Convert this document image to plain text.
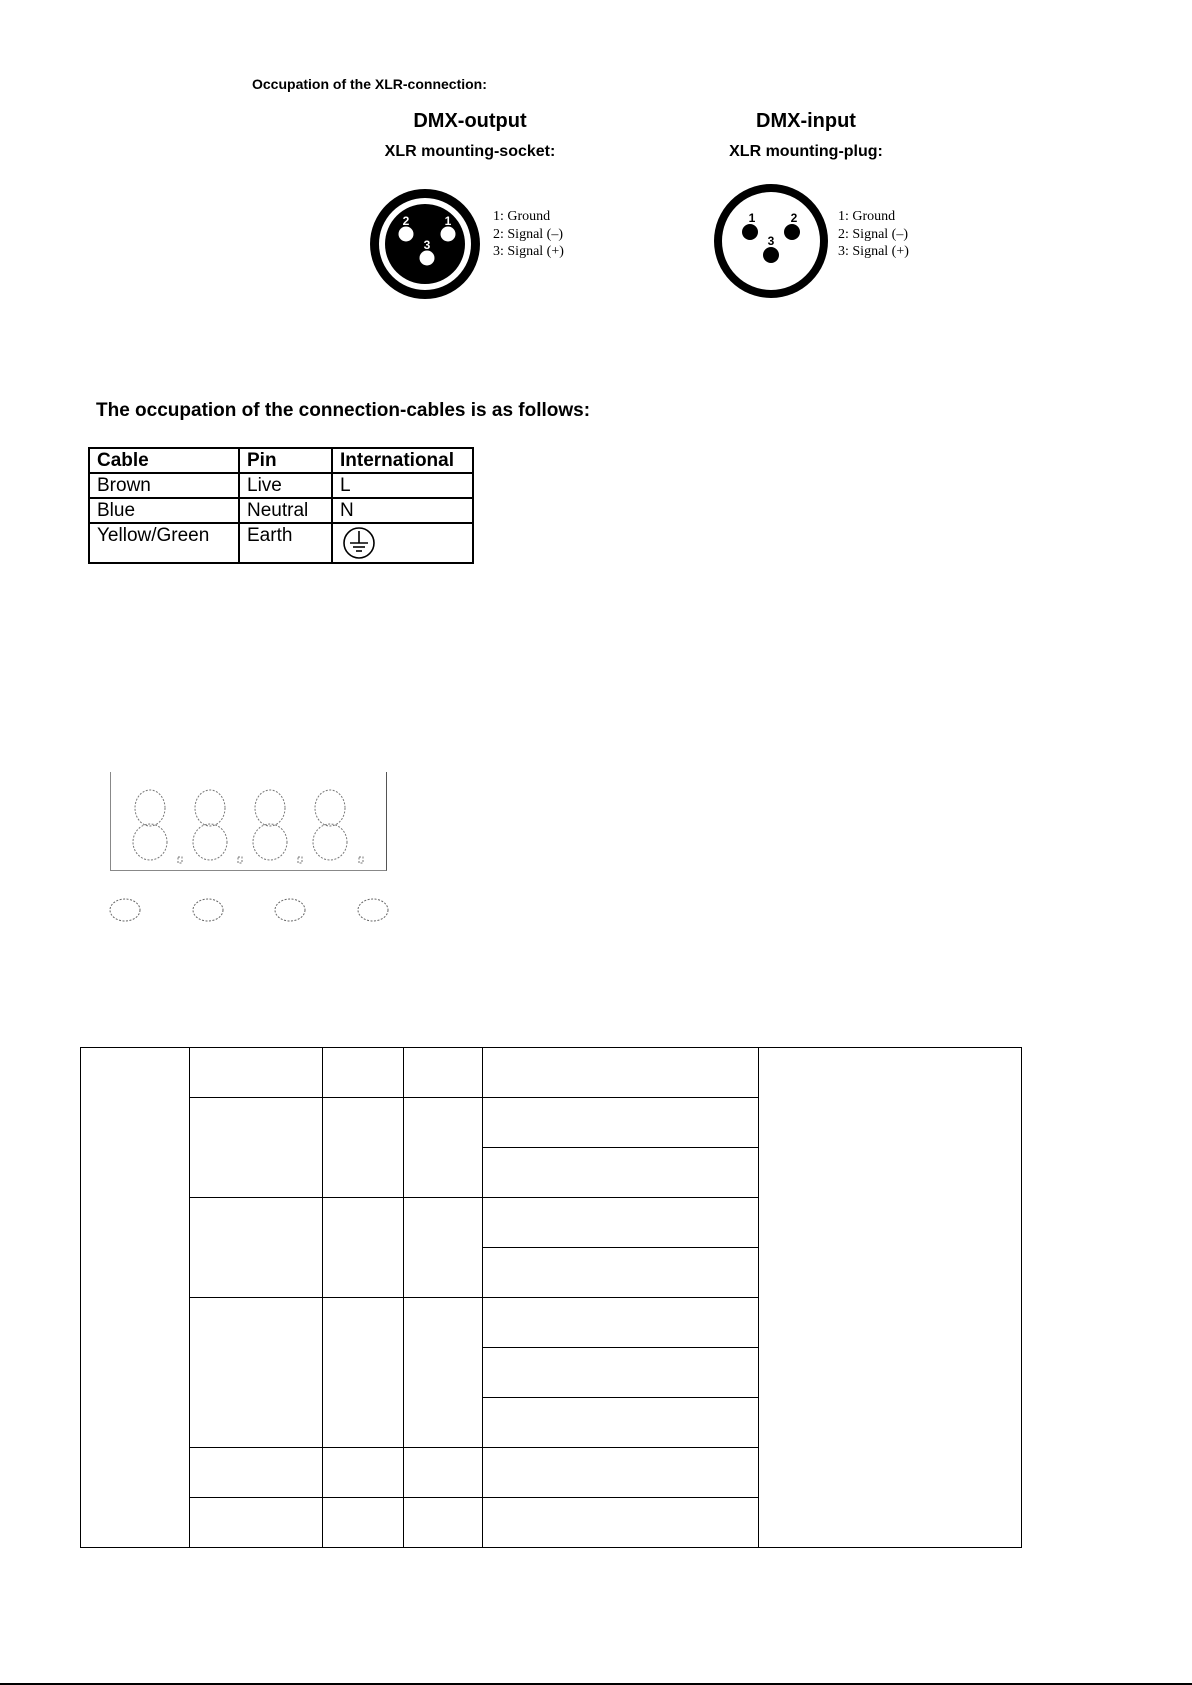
Occupation of the XLR-connection:
DMX-output
XLR mounting-socket:
2	1
3
1: Ground
2: Signal (–)
3: Signal (+)
DMX-input
XLR mounting-plug:
1	2
3
1: Ground
2: Signal (–)
3: Signal (+)
The occupation of the connection-cables is as follows:
Cable	Pin	International
Brown	Live	L
Blue	Neutral	N
Yellow/Green	Earth	
